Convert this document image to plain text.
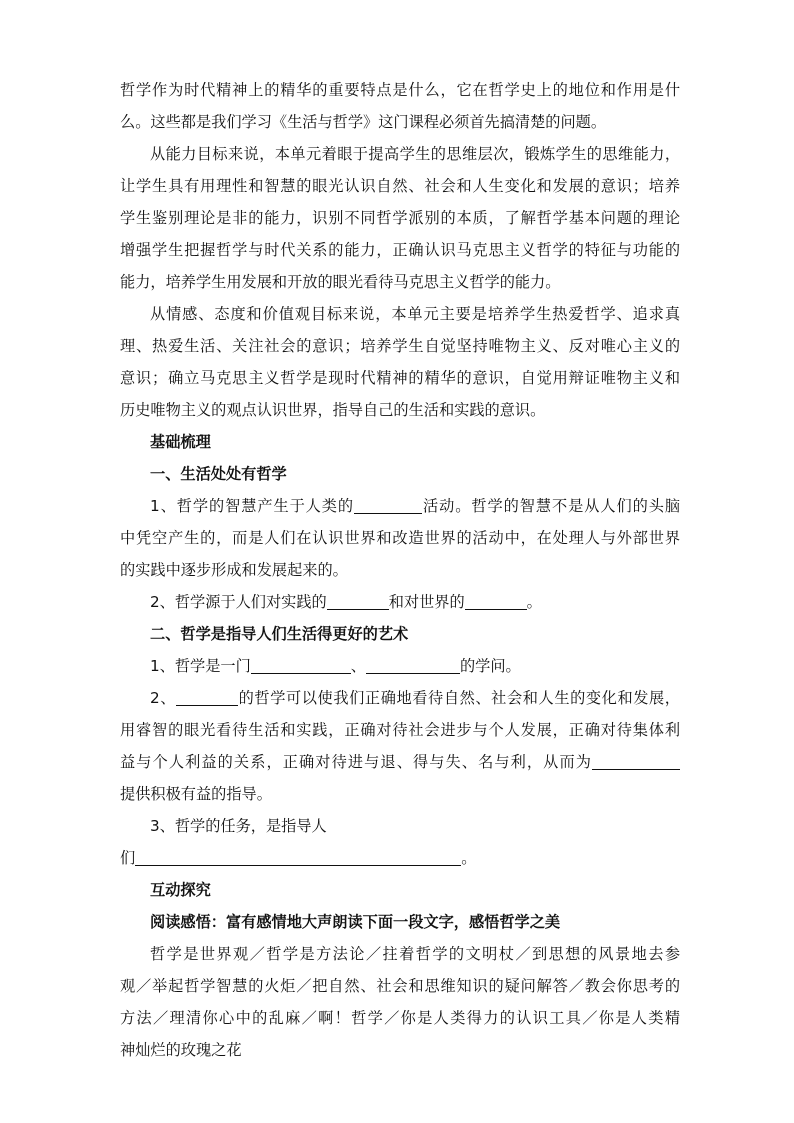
哲学作为时代精神上的精华的重要特点是什么，它在哲学史上的地位和作用是什
么。这些都是我们学习《生活与哲学》这门课程必须首先搞清楚的问题。
从能力目标来说，本单元着眼于提高学生的思维层次，锻炼学生的思维能力，
让学生具有用理性和智慧的眼光认识自然、社会和人生变化和发展的意识；培养
学生鉴别理论是非的能力，识别不同哲学派别的本质，了解哲学基本问题的理论
增强学生把握哲学与时代关系的能力，正确认识马克思主义哲学的特征与功能的
能力，培养学生用发展和开放的眼光看待马克思主义哲学的能力。
从情感、态度和价值观目标来说，本单元主要是培养学生热爱哲学、追求真
理、热爱生活、关注社会的意识；培养学生自觉坚持唯物主义、反对唯心主义的
意识；确立马克思主义哲学是现时代精神的精华的意识，自觉用辩证唯物主义和
历史唯物主义的观点认识世界，指导自己的生活和实践的意识。
基础梳理
一、生活处处有哲学
1、哲学的智慧产生于人类的	活动。哲学的智慧不是从人们的头脑
中凭空产生的，而是人们在认识世界和改造世界的活动中，在处理人与外部世界
的实践中逐步形成和发展起来的。
2、哲学源于人们对实践的	和对世界的	。
二、哲学是指导人们生活得更好的艺术
1、哲学是一门	、	的学问。
2、	的哲学可以使我们正确地看待自然、社会和人生的变化和发展，
用睿智的眼光看待生活和实践，正确对待社会进步与个人发展，正确对待集体利
益与个人利益的关系，正确对待进与退、得与失、名与利，从而为
提供积极有益的指导。
3、哲学的任务，是指导人
们	。
互动探究
阅读感悟：富有感情地大声朗读下面一段文字，感悟哲学之美
哲学是世界观／哲学是方法论／拄着哲学的文明杖／到思想的风景地去参
观／举起哲学智慧的火炬／把自然、社会和思维知识的疑问解答／教会你思考的
方法／理清你心中的乱麻／啊！哲学／你是人类得力的认识工具／你是人类精
神灿烂的玫瑰之花
